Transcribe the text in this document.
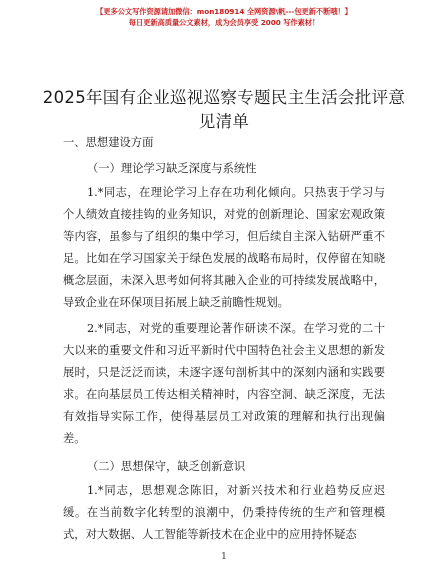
【更多公文写作资源请加微信：mon180914 全网资源\帆---包更新不断哦！】
每日更新高质量公文素材，成为会员享受 2000 写作素材！
2025年国有企业巡视巡察专题民主生活会批评意见清单

一、思想建设方面

（一）理论学习缺乏深度与系统性

1.*同志，在理论学习上存在功利化倾向。只热衷于学习与个人绩效直接挂钩的业务知识，对党的创新理论、国家宏观政策等内容，虽参与了组织的集中学习，但后续自主深入钻研严重不足。比如在学习国家关于绿色发展的战略布局时，仅停留在知晓概念层面，未深入思考如何将其融入企业的可持续发展战略中，导致企业在环保项目拓展上缺乏前瞻性规划。

2.*同志，对党的重要理论著作研读不深。在学习党的二十大以来的重要文件和习近平新时代中国特色社会主义思想的新发展时，只是泛泛而读，未逐字逐句剖析其中的深刻内涵和实践要求。在向基层员工传达相关精神时，内容空洞、缺乏深度，无法有效指导实际工作，使得基层员工对政策的理解和执行出现偏差。

（二）思想保守，缺乏创新意识

1.*同志，思想观念陈旧，对新兴技术和行业趋势反应迟缓。在当前数字化转型的浪潮中，仍秉持传统的生产和管理模式，对大数据、人工智能等新技术在企业中的应用持怀疑态

1
